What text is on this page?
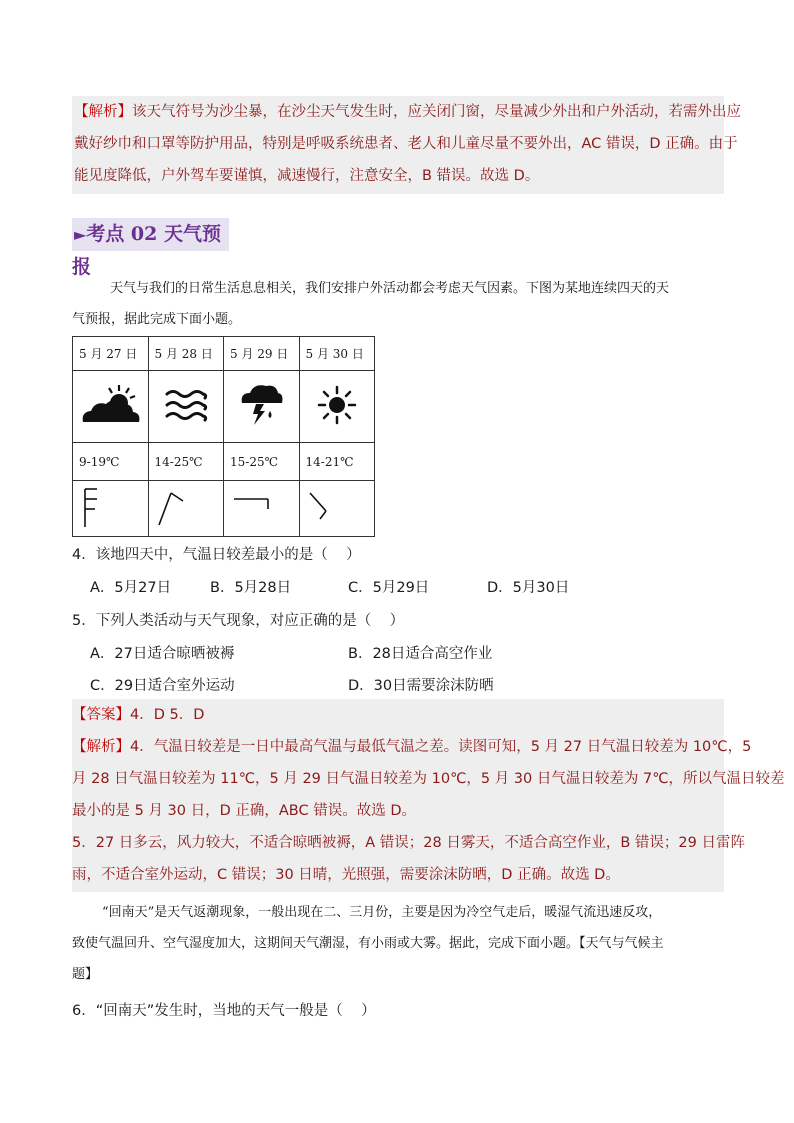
【解析】该天气符号为沙尘暴，在沙尘天气发生时，应关闭门窗，尽量减少外出和户外活动，若需外出应
戴好纱巾和口罩等防护用品，特别是呼吸系统患者、老人和儿童尽量不要外出，AC 错误，D 正确。由于
能见度降低，户外驾车要谨慎，减速慢行，注意安全，B 错误。故选 D。
►考点 02 天气预报
天气与我们的日常生活息息相关，我们安排户外活动都会考虑天气因素。下图为某地连续四天的天
气预报，据此完成下面小题。
5 月 27 日	5 月 28 日	5 月 29 日	5 月 30 日

9-19℃	14-25℃	15-25℃	14-21℃

4．该地四天中，气温日较差最小的是（    ）
A．5月27日	B．5月28日	C．5月29日	D．5月30日
5．下列人类活动与天气现象，对应正确的是（    ）
A．27日适合晾晒被褥	B．28日适合高空作业
C．29日适合室外运动	D．30日需要涂沫防晒
【答案】4．D 5．D
【解析】4．气温日较差是一日中最高气温与最低气温之差。读图可知，5 月 27 日气温日较差为 10℃，5
月 28 日气温日较差为 11℃，5 月 29 日气温日较差为 10℃，5 月 30 日气温日较差为 7℃，所以气温日较差
最小的是 5 月 30 日，D 正确，ABC 错误。故选 D。
5．27 日多云，风力较大，不适合晾晒被褥，A 错误；28 日雾天，不适合高空作业，B 错误；29 日雷阵
雨，不适合室外运动，C 错误；30 日晴，光照强，需要涂沫防晒，D 正确。故选 D。
“回南天”是天气返潮现象，一般出现在二、三月份，主要是因为冷空气走后，暖湿气流迅速反攻，
致使气温回升、空气湿度加大，这期间天气潮湿，有小雨或大雾。据此，完成下面小题。【天气与气候主
题】
6．“回南天”发生时，当地的天气一般是（    ）
